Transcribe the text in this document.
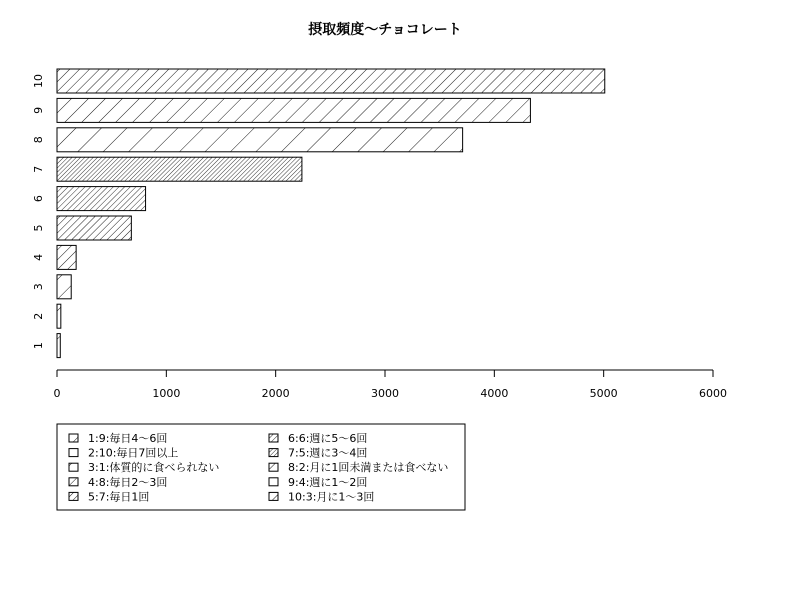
摂取頻度〜チョコレート
1
2
3
4
5
6
7
8
9
10
0	1000	2000	3000	4000	5000	6000
1:9:毎日4〜6回
2:10:毎日7回以上
3:1:体質的に食べられない
4:8:毎日2〜3回
5:7:毎日1回
6:6:週に5〜6回
7:5:週に3〜4回
8:2:月に1回未満または食べない
9:4:週に1〜2回
10:3:月に1〜3回
